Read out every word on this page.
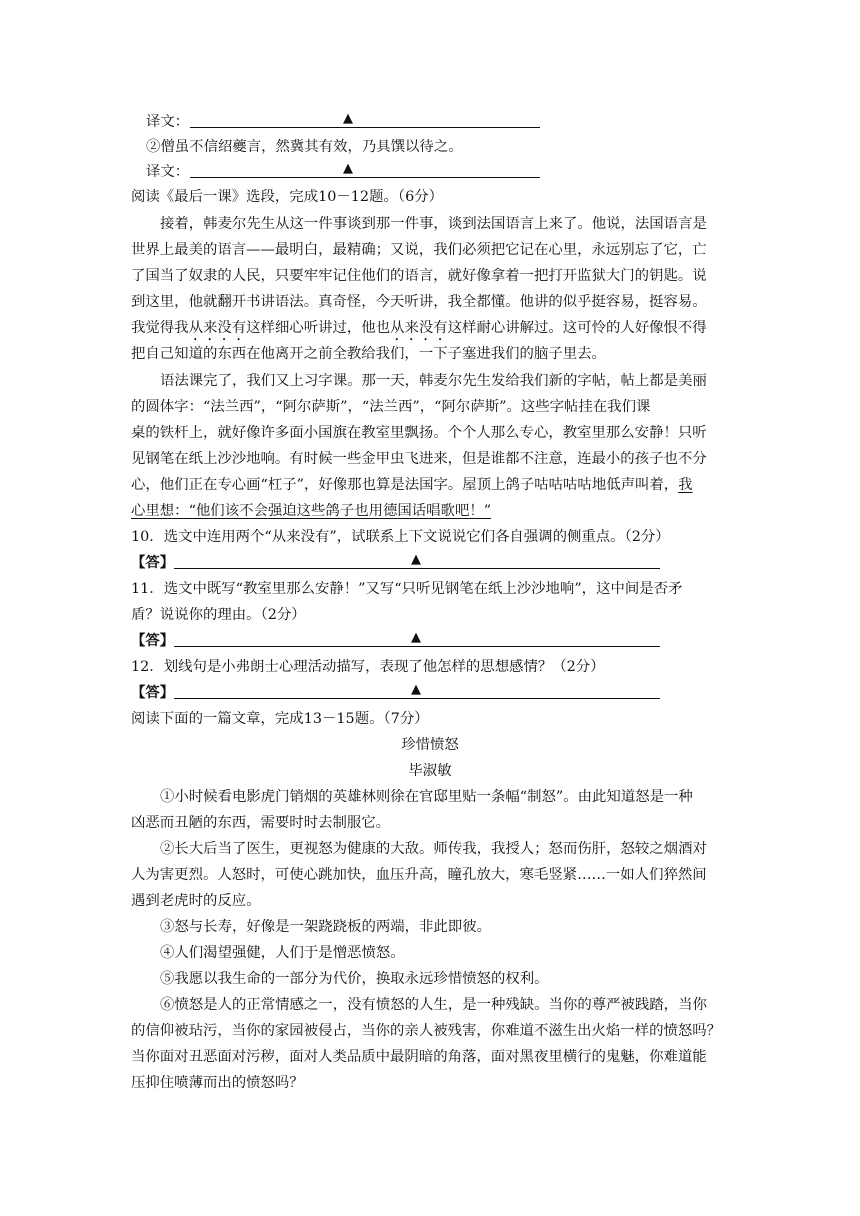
译文：	▲
②僧虽不信绍夔言，然冀其有效，乃具馔以待之。
译文：	▲
阅读《最后一课》选段，完成10－12题。（6分）
接着，韩麦尔先生从这一件事谈到那一件事，谈到法国语言上来了。他说，法国语言是
世界上最美的语言——最明白，最精确；又说，我们必须把它记在心里，永远别忘了它，亡
了国当了奴隶的人民，只要牢牢记住他们的语言，就好像拿着一把打开监狱大门的钥匙。说
到这里，他就翻开书讲语法。真奇怪，今天听讲，我全都懂。他讲的似乎挺容易，挺容易。
我觉得我从来没有这样细心听讲过，他也从来没有这样耐心讲解过。这可怜的人好像恨不得
把自己知道的东西在他离开之前全教给我们，一下子塞进我们的脑子里去。
语法课完了，我们又上习字课。那一天，韩麦尔先生发给我们新的字帖，帖上都是美丽
的圆体字：“法兰西”，“阿尔萨斯”，“法兰西”，“阿尔萨斯”。这些字帖挂在我们课
桌的铁杆上，就好像许多面小国旗在教室里飘扬。个个人那么专心，教室里那么安静！只听
见钢笔在纸上沙沙地响。有时候一些金甲虫飞进来，但是谁都不注意，连最小的孩子也不分
心，他们正在专心画“杠子”，好像那也算是法国字。屋顶上鸽子咕咕咕咕地低声叫着，我
心里想：“他们该不会强迫这些鸽子也用德国话唱歌吧！”
10．选文中连用两个“从来没有”，试联系上下文说说它们各自强调的侧重点。（2分）
【答】	▲
11．选文中既写“教室里那么安静！”又写“只听见钢笔在纸上沙沙地响”，这中间是否矛
盾？说说你的理由。（2分）
【答】	▲
12．划线句是小弗朗士心理活动描写，表现了他怎样的思想感情？（2分）
【答】	▲
阅读下面的一篇文章，完成13－15题。（7分）
珍惜愤怒
毕淑敏
①小时候看电影虎门销烟的英雄林则徐在官邸里贴一条幅“制怒”。由此知道怒是一种
凶恶而丑陋的东西，需要时时去制服它。
②长大后当了医生，更视怒为健康的大敌。师传我，我授人；怒而伤肝，怒较之烟酒对
人为害更烈。人怒时，可使心跳加快，血压升高，瞳孔放大，寒毛竖紧……一如人们猝然间
遇到老虎时的反应。
③怒与长寿，好像是一架跷跷板的两端，非此即彼。
④人们渴望强健，人们于是憎恶愤怒。
⑤我愿以我生命的一部分为代价，换取永远珍惜愤怒的权利。
⑥愤怒是人的正常情感之一，没有愤怒的人生，是一种残缺。当你的尊严被践踏，当你
的信仰被玷污，当你的家园被侵占，当你的亲人被残害，你难道不滋生出火焰一样的愤怒吗？
当你面对丑恶面对污秽，面对人类品质中最阴暗的角落，面对黑夜里横行的鬼魅，你难道能
压抑住喷薄而出的愤怒吗？
